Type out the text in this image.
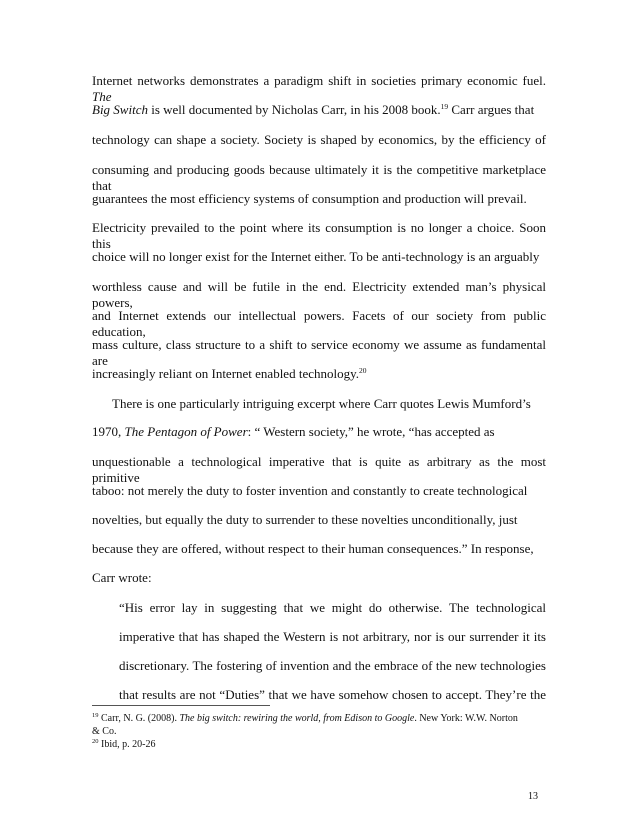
Internet networks demonstrates a paradigm shift in societies primary economic fuel. The
Big Switch is well documented by Nicholas Carr, in his 2008 book.$^{19}$ Carr argues that
technology can shape a society. Society is shaped by economics, by the efficiency of
consuming and producing goods because ultimately it is the competitive marketplace that
guarantees the most efficiency systems of consumption and production will prevail.
Electricity prevailed to the point where its consumption is no longer a choice. Soon this
choice will no longer exist for the Internet either. To be anti-technology is an arguably
worthless cause and will be futile in the end. Electricity extended man’s physical powers,
and Internet extends our intellectual powers. Facets of our society from public education,
mass culture, class structure to a shift to service economy we assume as fundamental are
increasingly reliant on Internet enabled technology.$^{20}$
There is one particularly intriguing excerpt where Carr quotes Lewis Mumford’s
1970, The Pentagon of Power: “ Western society,” he wrote, “has accepted as
unquestionable a technological imperative that is quite as arbitrary as the most primitive
taboo: not merely the duty to foster invention and constantly to create technological
novelties, but equally the duty to surrender to these novelties unconditionally, just
because they are offered, without respect to their human consequences.” In response,
Carr wrote:
“His error lay in suggesting that we might do otherwise. The technological
imperative that has shaped the Western is not arbitrary, nor is our surrender it its
discretionary. The fostering of invention and the embrace of the new technologies
that results are not “Duties” that we have somehow chosen to accept. They’re the
$^{19}$ Carr, N. G. (2008). The big switch: rewiring the world, from Edison to Google. New York: W.W. Norton
& Co.
$^{20}$ Ibid, p. 20-26
13
